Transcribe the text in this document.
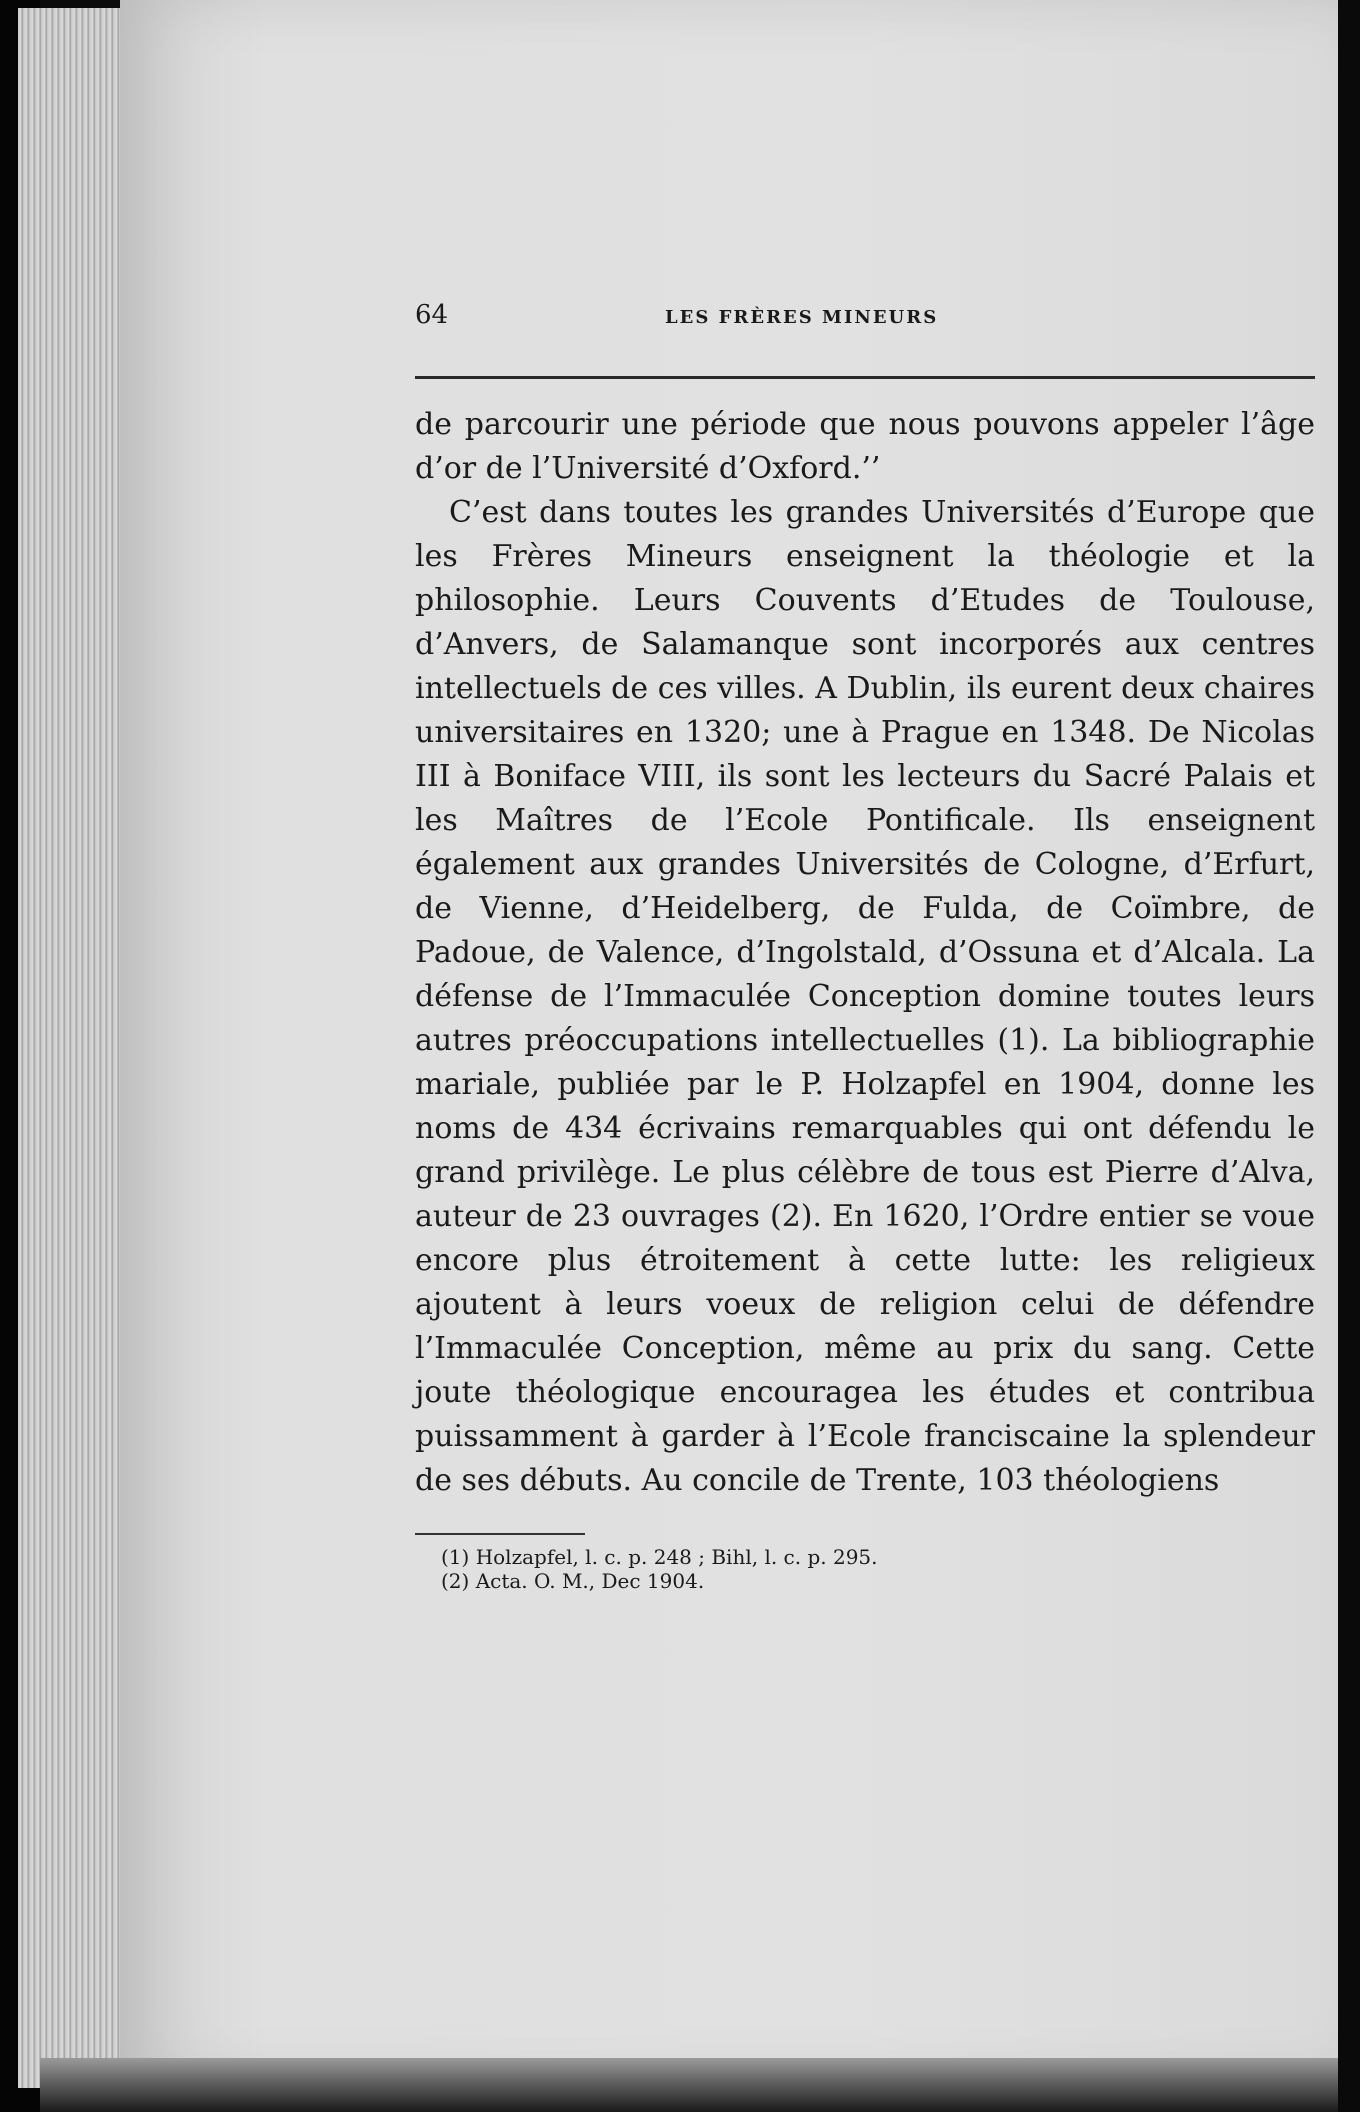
64	LES FRÈRES MINEURS

de parcourir une période que nous pouvons appeler l’âge d’or de l’Université d’Oxford.’’

C’est dans toutes les grandes Universités d’Europe que les Frères Mineurs enseignent la théologie et la philosophie. Leurs Couvents d’Etudes de Toulouse, d’Anvers, de Salamanque sont incorporés aux centres intellectuels de ces villes. A Dublin, ils eurent deux chaires universitaires en 1320; une à Prague en 1348. De Nicolas III à Boniface VIII, ils sont les lecteurs du Sacré Palais et les Maîtres de l’Ecole Pontificale. Ils enseignent également aux grandes Universités de Cologne, d’Erfurt, de Vienne, d’Heidelberg, de Fulda, de Coïmbre, de Padoue, de Valence, d’Ingolstald, d’Ossuna et d’Alcala. La défense de l’Immaculée Conception domine toutes leurs autres préoccupations intellectuelles (1). La bibliographie mariale, publiée par le P. Holzapfel en 1904, donne les noms de 434 écrivains remarquables qui ont défendu le grand privilège. Le plus célèbre de tous est Pierre d’Alva, auteur de 23 ouvrages (2). En 1620, l’Ordre entier se voue encore plus étroitement à cette lutte: les religieux ajoutent à leurs voeux de religion celui de défendre l’Immaculée Conception, même au prix du sang. Cette joute théologique encouragea les études et contribua puissamment à garder à l’Ecole franciscaine la splendeur de ses débuts. Au concile de Trente, 103 théologiens

(1) Holzapfel, l. c. p. 248 ; Bihl, l. c. p. 295.
(2) Acta. O. M., Dec 1904.
